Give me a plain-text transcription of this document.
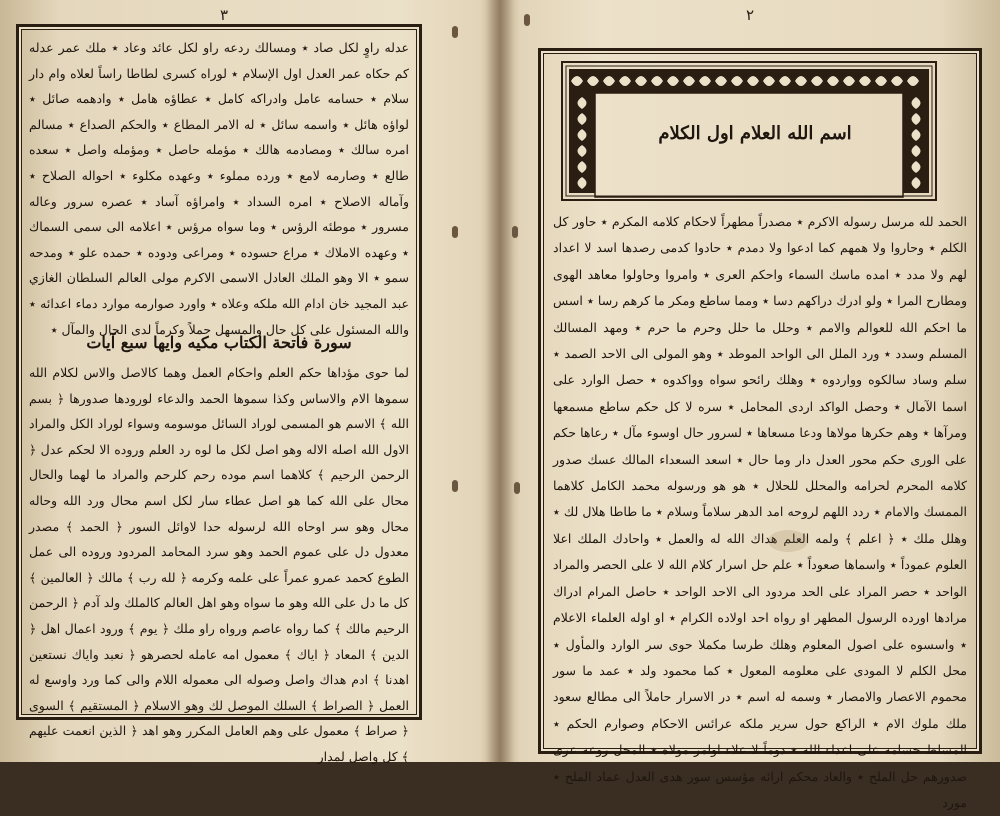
٣

عدله راوٍ لكل صاد ٭ ومسالك ردعه راو لكل عائد وعاد ٭ ملك عمر عدله كم حكاه عمر العدل اول الإسلام ٭ لوراه كسرى لطاطا راساً لعلاه وام دار سلام ٭ حسامه عامل وادراكه كامل ٭ عطاؤه هامل ٭ وادهمه صائل ٭ لواؤه هائل ٭ واسمه سائل ٭ له الامر المطاع ٭ والحكم الصداع ٭ مسالم امره سالك ٭ ومصادمه هالك ٭ مؤمله حاصل ٭ ومؤمله واصل ٭ سعده طالع ٭ وصارمه لامع ٭ ورده مملوء ٭ وعهده مكلوء ٭ احواله الصلاح ٭ وآماله الاصلاح ٭ امره السداد ٭ وامراؤه آساد ٭ عصره سرور وعاله مسرور ٭ موطئه الرؤس ٭ وما سواه مرؤس ٭ اعلامه الى سمى السماك ٭ وعهده الاملاك ٭ مراع حسوده ٭ ومراعى ودوده ٭ حمده علو ٭ ومدحه سمو ٭ الا وهو الملك العادل الاسمى الاكرم مولى العالم السلطان الغازي عبد المجيد خان ادام الله ملكه وعلاه ٭ واورد صوارمه موارد دماء اعدائه ٭ والله المسئول على كل حال والمسهل حملاً وكرماً لدى الحال والمآل ٭

سورة فاتحة الكتاب مكيه وايها سبع آيات

لما حوى مؤداها حكم العلم واحكام العمل وهما كالاصل والاس لكلام الله سموها الام والاساس وكذا سموها الحمد والدعاء لورودها صدورها ﴿ بسم الله ﴾ الاسم هو المسمى لوراد السائل موسومه وسواء لوراد الكل والمراد الاول الله اصله الاله وهو اصل لكل ما لوه رد العلم وروده الا لحكم عدل ﴿ الرحمن الرحيم ﴾ كلاهما اسم موده رحم كلرحم والمراد ما لهما والحال محال على الله كما هو اصل عطاء سار لكل اسم محال ورد الله وحاله محال وهو سر اوحاه الله لرسوله حدا لاوائل السور ﴿ الحمد ﴾ مصدر معدول دل على عموم الحمد وهو سرد المحامد المردود وروده الى عمل الطوع كحمد عمرو عمراً على علمه وكرمه ﴿ لله رب ﴾ مالك ﴿ العالمين ﴾ كل ما دل على الله وهو ما سواه وهو اهل العالم كالملك ولد آدم ﴿ الرحمن الرحيم مالك ﴾ كما رواه عاصم ورواه راو ملك ﴿ يوم ﴾ ورود اعمال اهل ﴿ الدين ﴾ المعاد ﴿ اياك ﴾ معمول امه عامله لحصرهو ﴿ نعبد واياك نستعين اهدنا ﴾ ادم هداك واصل وصوله الى معموله اللام والى كما ورد واوسع له العمل ﴿ الصراط ﴾ السلك الموصل لك وهو الاسلام ﴿ المستقيم ﴾ السوى ﴿ صراط ﴾ معمول على وهم العامل المكرر وهو اهد ﴿ الذين انعمت عليهم ﴾ كل واصل لمدار

٢
اسم الله العلام اول الكلام

الحمد لله مرسل رسوله الاكرم ٭ مصدراً مطهراً لاحكام كلامه المكرم ٭ حاور كل الكلم ٭ وحاروا ولا همهم كما ادعوا ولا دمدم ٭ حادوا كدمى رصدها اسد لا اعداد لهم ولا مدد ٭ امده ماسك السماء واحكم العرى ٭ وامروا وحاولوا معاهد الهوى ومطارح المرا ٭ ولو ادرك دراكهم دسا ٭ ومما ساطع ومكر ما كرهم رسا ٭ اسس ما احكم الله للعوالم والامم ٭ وحلل ما حلل وحرم ما حرم ٭ ومهد المسالك المسلم وسدد ٭ ورد الملل الى الواحد الموطد ٭ وهو المولى الى الاحد الصمد ٭ سلم وساد سالكوه وواردوه ٭ وهلك رائحو سواه وواكدوه ٭ حصل الوارد على اسما الآمال ٭ وحصل الواكد اردى المحامل ٭ سره لا كل حكم ساطع مسمعها ومرآها ٭ وهم حكرها مولاها ودعا مسعاها ٭ لسرور حال اوسوء مآل ٭ رعاها حكم على الورى حكم محور العدل دار وما حال ٭ اسعد السعداء المالك عسك صدور كلامه المحرم لحرامه والمحلل للحلال ٭ هو هو ورسوله محمد الكامل كلاهما الممسك والامام ٭ ردد اللهم لروحه امد الدهر سلاماً وسلام ٭ ما طاطا هلال لك ٭ وهلل ملك ٭ ﴿ اعلم ﴾ ولمه العلم هداك الله له والعمل ٭ واحادك الملك اعلا العلوم عموداً ٭ واسماها صعوداً ٭ علم حل اسرار كلام الله لا على الحصر والمراد الواحد ٭ حصر المراد على الحد مردود الى الاحد الواحد ٭ حاصل المرام ادراك مرادها اورده الرسول المطهر او رواه احد اولاده الكرام ٭ او اوله العلماء الاعلام ٭ واسسوه على اصول المعلوم وهلك طرسا مكملا حوى سر الوارد والمأول ٭ محل الكلم لا المودى على معلومه المعول ٭ كما محمود ولد ٭ عمد ما سور محموم الاعصار والامصار ٭ وسمه له اسم ٭ در الاسرار حاملاً الى مطالع سعود ملك ملوك الام ٭ الراكع حول سرير ملكه عرائس الاحكام وصوارم الحكم ٭ المسلط حسامه على اعداء الله ٭ دوماً لا علاء اوامر مولاه ٭ المحل روعه عرى صدورهم حل الملح ٭ والعاد محكم ارائه مؤسس سور هدى العدل عماد الملح ٭ مورد
